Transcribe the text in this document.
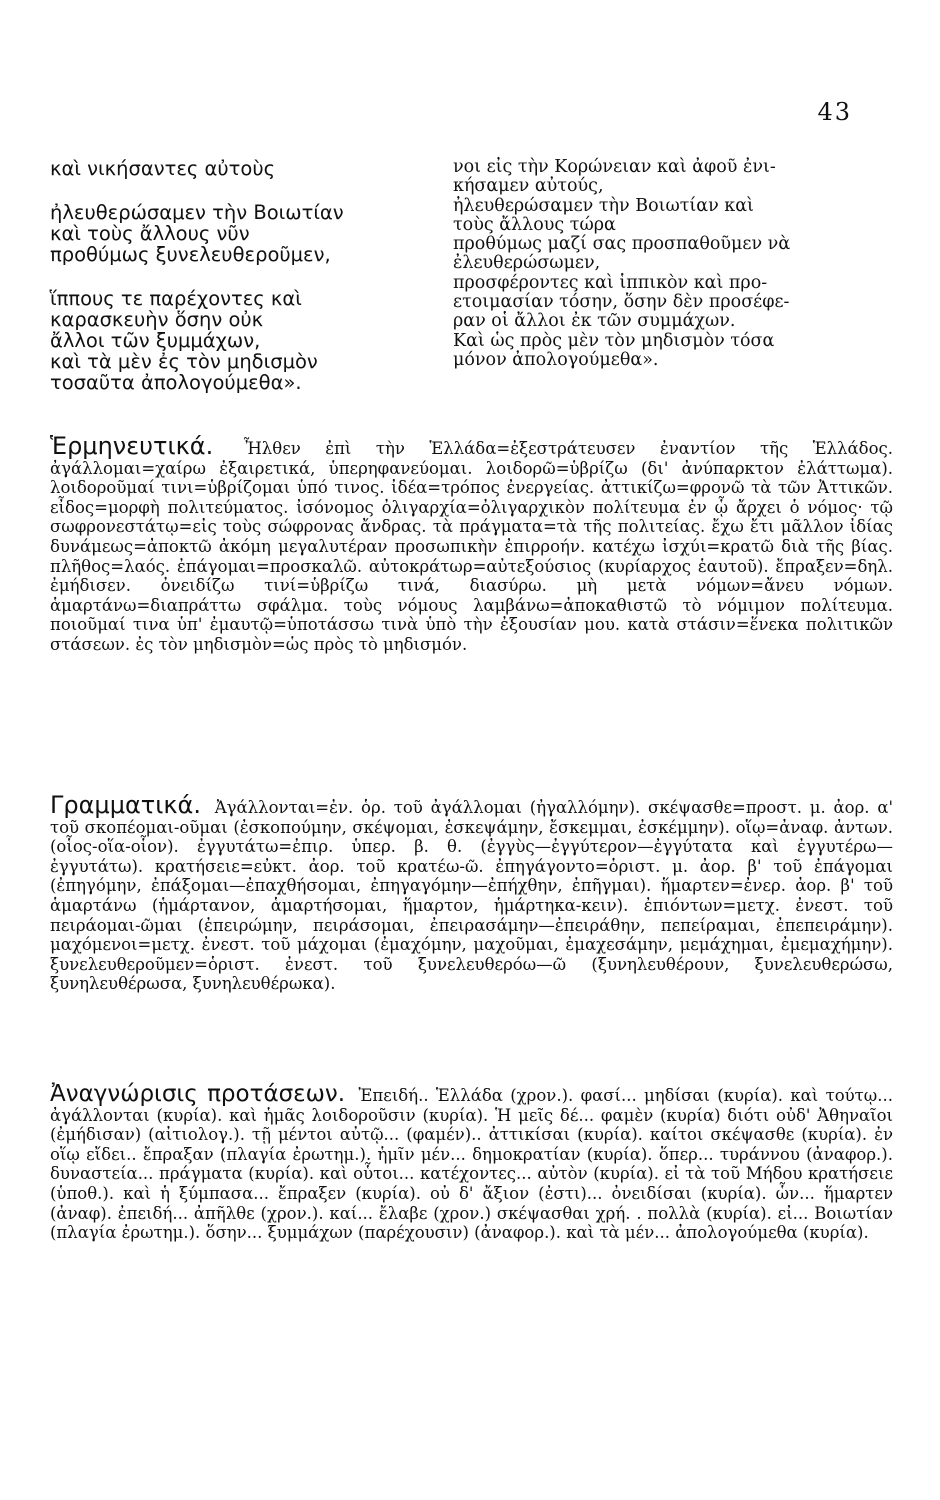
43
καὶ νικήσαντες αὐτοὺς
ἠλευθερώσαμεν τὴν Βοιωτίαν
καὶ τοὺς ἄλλους νῦν
προθύμως ξυνελευθεροῦμεν,
ἵππους τε παρέχοντες καὶ
καρασκευὴν ὅσην οὐκ
ἄλλοι τῶν ξυμμάχων,
καὶ τὰ μὲν ἐς τὸν μηδισμὸν
τοσαῦτα ἀπολογούμεθα».
νοι εἰς τὴν Κορώνειαν καὶ ἀφοῦ ἐνι-
κήσαμεν αὐτούς,
ἠλευθερώσαμεν τὴν Βοιωτίαν καὶ
τοὺς ἄλλους τώρα
προθύμως μαζί σας προσπαθοῦμεν νὰ
ἐλευθερώσωμεν,
προσφέροντες καὶ ἱππικὸν καὶ προ-
ετοιμασίαν τόσην, ὅσην δὲν προσέφε-
ραν οἱ ἄλλοι ἐκ τῶν συμμάχων.
Καὶ ὡς πρὸς μὲν τὸν μηδισμὸν τόσα
μόνον ἀπολογούμεθα».
Ἑρμηνευτικά. Ἦλθεν ἐπὶ τὴν Ἑλλάδα=ἐξεστράτευσεν ἐναντίον τῆς Ἑλλάδος. ἀγάλλομαι=χαίρω ἐξαιρετικά, ὑπερηφανεύομαι. λοιδορῶ=ὑβρίζω (δι' ἀνύπαρκτον ἐλάττωμα). λοιδοροῦμαί τινι=ὑβρίζομαι ὑπό τινος. ἰδέα=τρόπος ἐνεργείας. ἀττικίζω=φρονῶ τὰ τῶν Ἀττικῶν. εἶδος=μορφὴ πολιτεύματος. ἰσόνομος ὀλιγαρχία=ὀλιγαρχικὸν πολίτευμα ἐν ᾧ ἄρχει ὁ νόμος· τῷ σωφρονεστάτῳ=εἰς τοὺς σώφρονας ἄνδρας. τὰ πράγματα=τὰ τῆς πολιτείας. ἔχω ἔτι μᾶλλον ἰδίας δυνάμεως=ἀποκτῶ ἀκόμη μεγαλυτέραν προσωπικὴν ἐπιρροήν. κατέχω ἰσχύι=κρατῶ διὰ τῆς βίας. πλῆθος=λαός. ἐπάγομαι=προσκαλῶ. αὐτοκράτωρ=αὐτεξούσιος (κυρίαρχος ἑαυτοῦ). ἔπραξεν=δηλ. ἐμήδισεν. ὀνειδίζω τινί=ὑβρίζω τινά, διασύρω. μὴ μετὰ νόμων=ἄνευ νόμων. ἁμαρτάνω=διαπράττω σφάλμα. τοὺς νόμους λαμβάνω=ἀποκαθιστῶ τὸ νόμιμον πολίτευμα. ποιοῦμαί τινα ὑπ' ἐμαυτῷ=ὑποτάσσω τινὰ ὑπὸ τὴν ἐξουσίαν μου. κατὰ στάσιν=ἕνεκα πολιτικῶν στάσεων. ἐς τὸν μηδισμὸν=ὡς πρὸς τὸ μηδισμόν.
Γραμματικά. Ἀγάλλονται=ἐν. ὁρ. τοῦ ἀγάλλομαι (ἠγαλλόμην). σκέψασθε=προστ. μ. ἀορ. α' τοῦ σκοπέομαι-οῦμαι (ἐσκοπούμην, σκέψομαι, ἐσκεψάμην, ἔσκεμμαι, ἐσκέμμην). οἵῳ=ἀναφ. ἀντων. (οἷος-οἵα-οἷον). ἐγγυτάτω=ἐπιρ. ὑπερ. β. θ. (ἐγγὺς—ἐγγύτερον—ἐγγύτατα καὶ ἐγγυτέρω—ἐγγυτάτω). κρατήσειε=εὐκτ. ἀορ. τοῦ κρατέω-ῶ. ἐπηγάγοντο=ὁριστ. μ. ἀορ. β' τοῦ ἐπάγομαι (ἐπηγόμην, ἐπάξομαι—ἐπαχθήσομαι, ἐπηγαγόμην—ἐπήχθην, ἐπῆγμαι). ἥμαρτεν=ἐνερ. ἀορ. β' τοῦ ἁμαρτάνω (ἡμάρτανον, ἁμαρτήσομαι, ἥμαρτον, ἡμάρτηκα-κειν). ἐπιόντων=μετχ. ἐνεστ. τοῦ πειράομαι-ῶμαι (ἐπειρώμην, πειράσομαι, ἐπειρασάμην—ἐπειράθην, πεπείραμαι, ἐπεπειράμην). μαχόμενοι=μετχ. ἐνεστ. τοῦ μάχομαι (ἐμαχόμην, μαχοῦμαι, ἐμαχεσάμην, μεμάχημαι, ἐμεμαχήμην). ξυνελευθεροῦμεν=ὁριστ. ἐνεστ. τοῦ ξυνελευθερόω—ῶ (ξυνηλευθέρουν, ξυνελευθερώσω, ξυνηλευθέρωσα, ξυνηλευθέρωκα).
Ἀναγνώρισις προτάσεων. Ἐπειδή.. Ἑλλάδα (χρον.). φασί... μηδίσαι (κυρία). καὶ τούτῳ... ἀγάλλονται (κυρία). καὶ ἡμᾶς λοιδοροῦσιν (κυρία). Ἡ μεῖς δέ... φαμὲν (κυρία) διότι οὐδ' Ἀθηναῖοι (ἐμήδισαν) (αἰτιολογ.). τῇ μέντοι αὐτῷ... (φαμέν).. ἀττικίσαι (κυρία). καίτοι σκέψασθε (κυρία). ἐν οἵῳ εἴδει.. ἔπραξαν (πλαγία ἐρωτημ.). ἡμῖν μέν... δημοκρατίαν (κυρία). ὅπερ... τυράννου (ἀναφορ.). δυναστεία... πράγματα (κυρία). καὶ οὗτοι... κατέχοντες... αὐτὸν (κυρία). εἰ τὰ τοῦ Μήδου κρατήσειε (ὑποθ.). καὶ ἡ ξύμπασα... ἔπραξεν (κυρία). οὐ δ' ἄξιον (ἐστι)... ὀνειδίσαι (κυρία). ὧν... ἥμαρτεν (ἀναφ). ἐπειδή... ἀπῆλθε (χρον.). καί... ἔλαβε (χρον.) σκέψασθαι χρή. . πολλὰ (κυρία). εἰ... Βοιωτίαν (πλαγία ἐρωτημ.). ὅσην... ξυμμάχων (παρέχουσιν) (ἀναφορ.). καὶ τὰ μέν... ἀπολογούμεθα (κυρία).
